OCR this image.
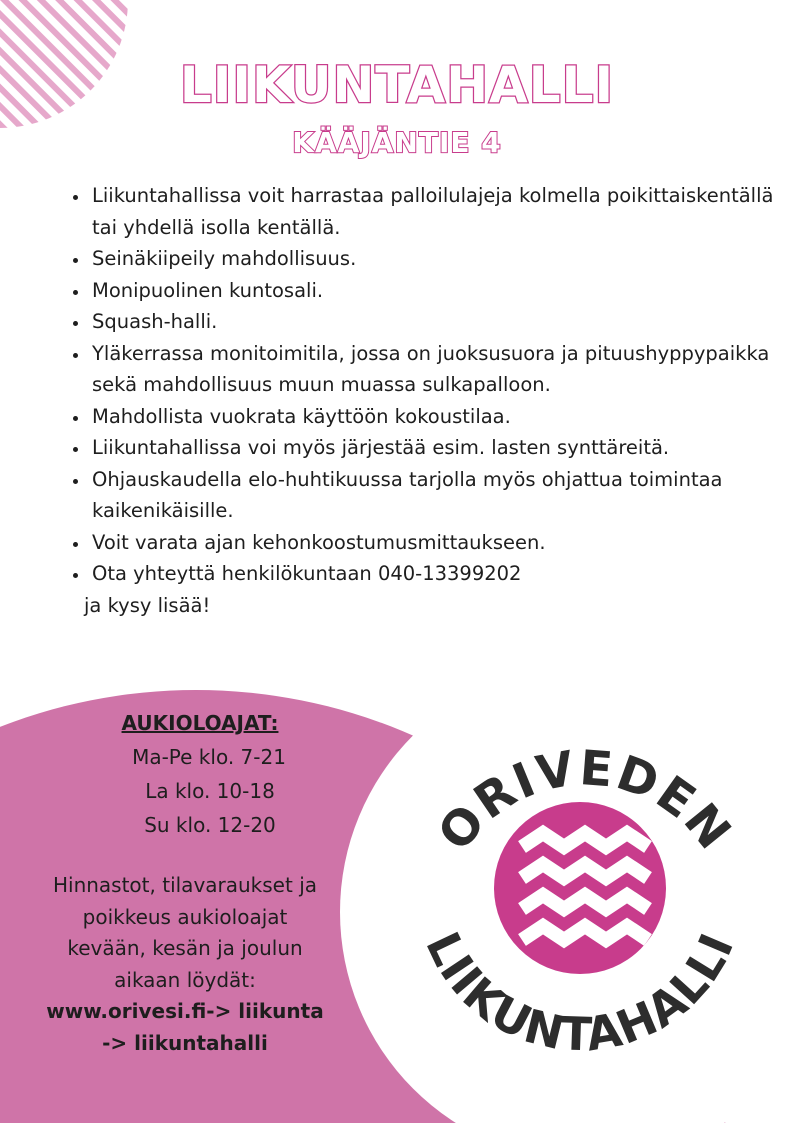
LIIKUNTAHALLI
KÄÄJÄNTIE 4
• Liikuntahallissa voit harrastaa palloilulajeja kolmella poikittaiskentällä tai yhdellä isolla kentällä.
• Seinäkiipeily mahdollisuus.
• Monipuolinen kuntosali.
• Squash-halli.
• Yläkerrassa monitoimitila, jossa on juoksusuora ja pituushyppypaikka sekä mahdollisuus muun muassa sulkapalloon.
• Mahdollista vuokrata käyttöön kokoustilaa.
• Liikuntahallissa voi myös järjestää esim. lasten synttäreitä.
• Ohjauskaudella elo-huhtikuussa tarjolla myös ohjattua toimintaa kaikenikäisille.
• Voit varata ajan kehonkoostumusmittaukseen.
• Ota yhteyttä henkilökuntaan 040-13399202
ja kysy lisää!
AUKIOLOAJAT:
Ma-Pe klo. 7-21
La klo. 10-18
Su klo. 12-20
Hinnastot, tilavaraukset ja
poikkeus aukioloajat
kevään, kesän ja joulun
aikaan löydät:
www.orivesi.fi-> liikunta
-> liikuntahalli
ORIVEDEN
LIIKUNTAHALLI
